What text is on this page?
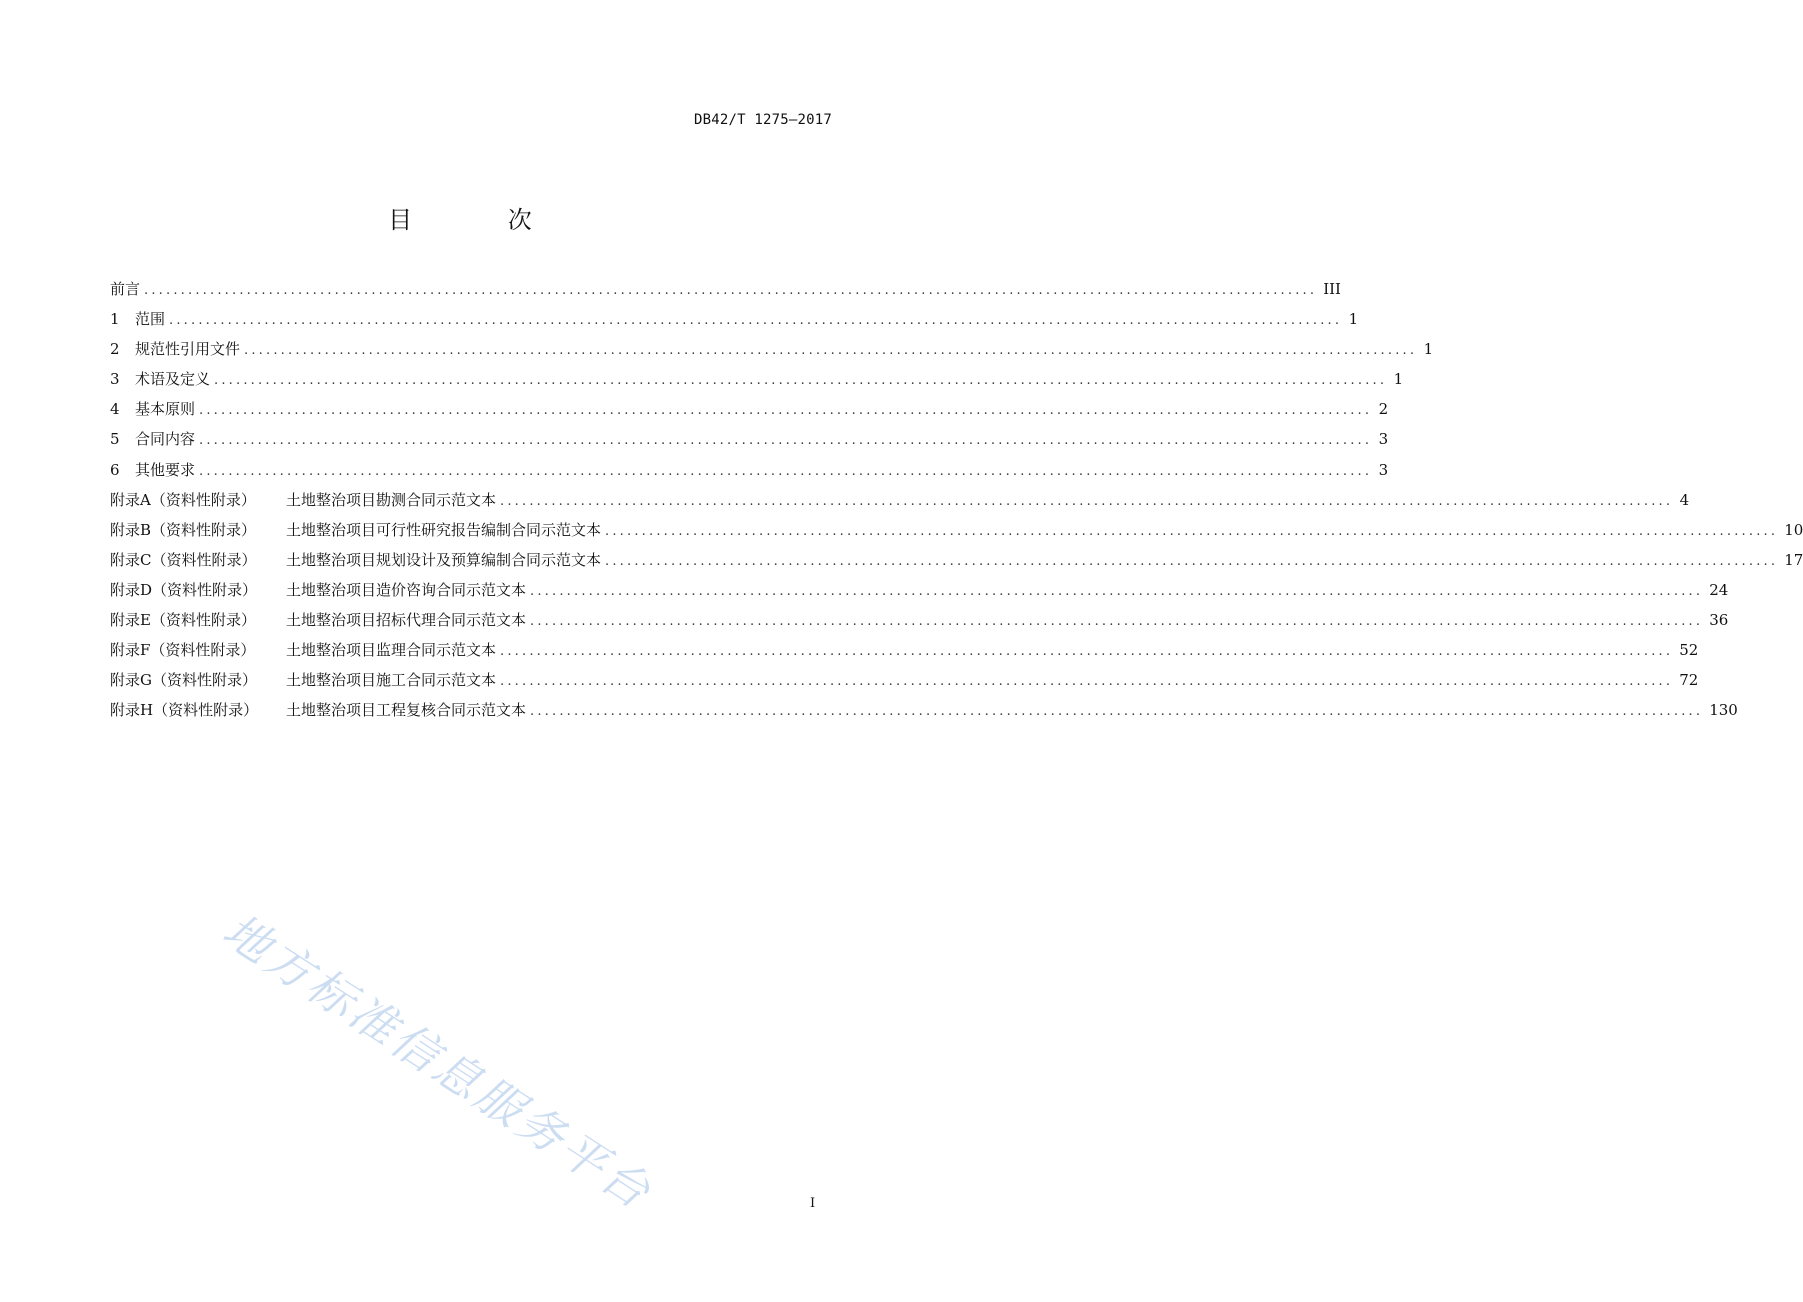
DB42/T 1275—2017
目 次
前言 ................................................................................................................................................................ III
1	范围 ................................................................................................................................................................ 1
2	规范性引用文件 ................................................................................................................................................................ 1
3	术语及定义 ................................................................................................................................................................ 1
4	基本原则 ................................................................................................................................................................ 2
5	合同内容 ................................................................................................................................................................ 3
6	其他要求 ................................................................................................................................................................ 3
附录A（资料性附录）	土地整治项目勘测合同示范文本 ................................................................................................................................................................ 4
附录B（资料性附录）	土地整治项目可行性研究报告编制合同示范文本 ................................................................................................................................................................ 10
附录C（资料性附录）	土地整治项目规划设计及预算编制合同示范文本 ................................................................................................................................................................ 17
附录D（资料性附录）	土地整治项目造价咨询合同示范文本 ................................................................................................................................................................ 24
附录E（资料性附录）	土地整治项目招标代理合同示范文本 ................................................................................................................................................................ 36
附录F（资料性附录）	土地整治项目监理合同示范文本 ................................................................................................................................................................ 52
附录G（资料性附录）	土地整治项目施工合同示范文本 ................................................................................................................................................................ 72
附录H（资料性附录）	土地整治项目工程复核合同示范文本 ................................................................................................................................................................ 130
地方标准信息服务平台	I
